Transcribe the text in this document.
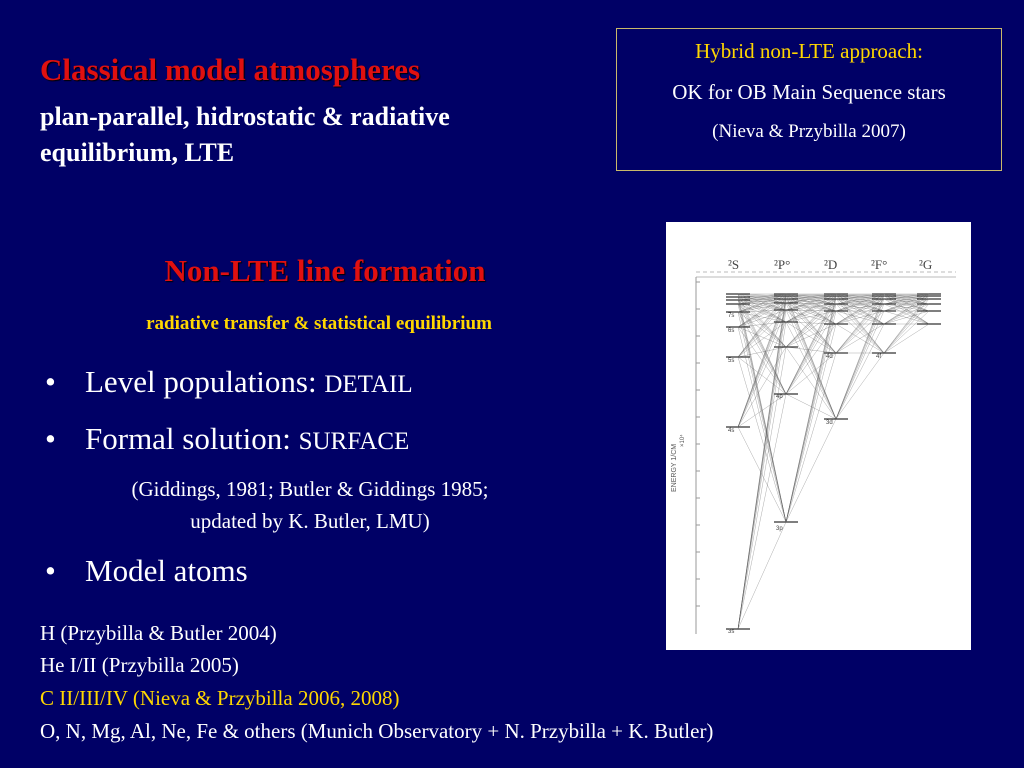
Classical model atmospheres
plan-parallel, hidrostatic & radiative
equilibrium, LTE
Hybrid non-LTE approach:
OK for OB Main Sequence stars
(Nieva & Przybilla 2007)
Non-LTE line formation
radiative transfer & statistical equilibrium
• Level populations: DETAIL
• Formal solution: SURFACE
(Giddings, 1981; Butler & Giddings 1985;
updated by K. Butler, LMU)
• Model atoms
H (Przybilla & Butler 2004)
He I/II (Przybilla 2005)
C II/III/IV (Nieva & Przybilla 2006, 2008)
O, N, Mg, Al, Ne, Fe & others (Munich Observatory + N. Przybilla + K. Butler)
²S	²P°	²D	²F° ²G
ENERGY 1/CM
×10⁴
3s
3p
3d
4s
4p
4d	4f
5s
6s
7s
